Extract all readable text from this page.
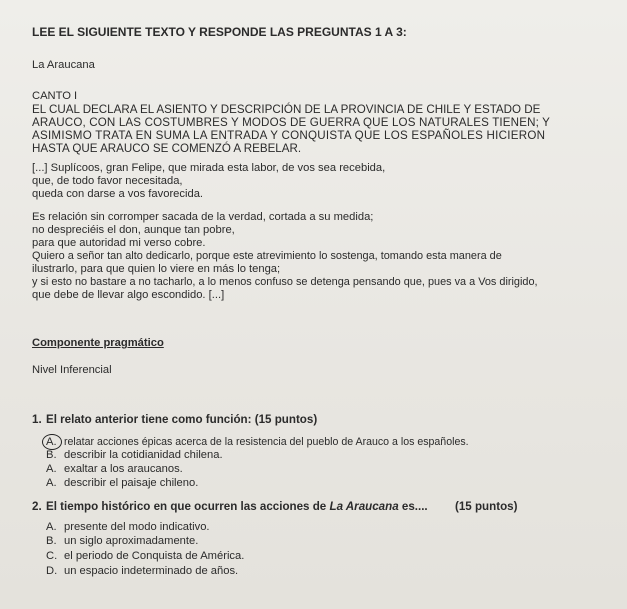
LEE EL SIGUIENTE TEXTO Y RESPONDE LAS PREGUNTAS 1 A 3:
La Araucana
CANTO I
EL CUAL DECLARA EL ASIENTO Y DESCRIPCIÓN DE LA PROVINCIA DE CHILE Y ESTADO DE
ARAUCO, CON LAS COSTUMBRES Y MODOS DE GUERRA QUE LOS NATURALES TIENEN; Y
ASIMISMO TRATA EN SUMA LA ENTRADA Y CONQUISTA QUE LOS ESPAÑOLES HICIERON
HASTA QUE ARAUCO SE COMENZÓ A REBELAR.
[...] Suplícoos, gran Felipe, que mirada esta labor, de vos sea recebida,
que, de todo favor necesitada,
queda con darse a vos favorecida.
Es relación sin corromper sacada de la verdad, cortada a su medida;
no despreciéis el don, aunque tan pobre,
para que autoridad mi verso cobre.
Quiero a señor tan alto dedicarlo, porque este atrevimiento lo sostenga, tomando esta manera de
ilustrarlo, para que quien lo viere en más lo tenga;
y si esto no bastare a no tacharlo, a lo menos confuso se detenga pensando que, pues va a Vos dirigido,
que debe de llevar algo escondido. [...]
Componente pragmático
Nivel Inferencial
1. El relato anterior tiene como función: (15 puntos)
A. relatar acciones épicas acerca de la resistencia del pueblo de Arauco a los españoles.
B. describir la cotidianidad chilena.
A. exaltar a los araucanos.
A. describir el paisaje chileno.
2. El tiempo histórico en que ocurren las acciones de La Araucana es.... (15 puntos)
A. presente del modo indicativo.
B. un siglo aproximadamente.
C. el periodo de Conquista de América.
D. un espacio indeterminado de años.
